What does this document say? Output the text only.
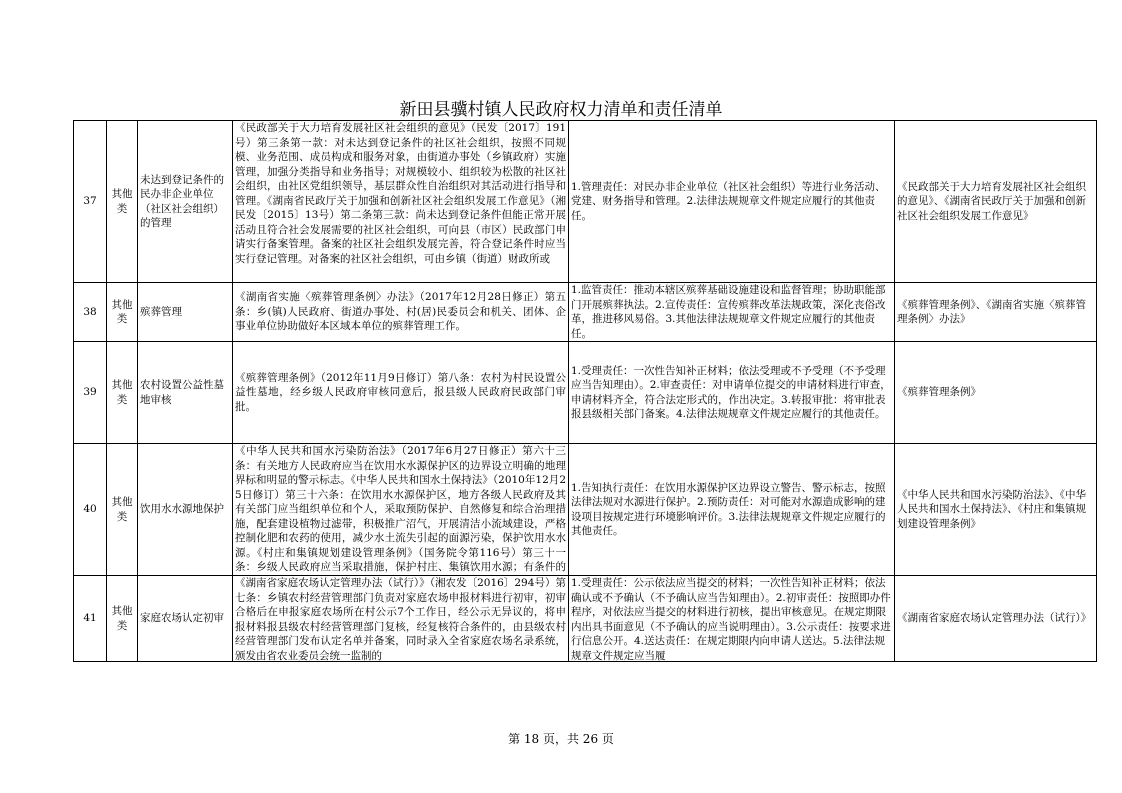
新田县骥村镇人民政府权力清单和责任清单
37	其他类	未达到登记条件的民办非企业单位（社区社会组织）的管理	《民政部关于大力培育发展社区社会组织的意见》（民发〔2017〕191号）第三条第一款：对未达到登记条件的社区社会组织，按照不同规模、业务范围、成员构成和服务对象，由街道办事处（乡镇政府）实施管理，加强分类指导和业务指导；对规模较小、组织较为松散的社区社会组织，由社区党组织领导，基层群众性自治组织对其活动进行指导和管理。《湖南省民政厅关于加强和创新社区社会组织发展工作意见》（湘民发〔2015〕13号）第二条第三款：尚未达到登记条件但能正常开展活动且符合社会发展需要的社区社会组织，可向县（市区）民政部门申请实行备案管理。备案的社区社会组织发展完善，符合登记条件时应当实行登记管理。对备案的社区社会组织，可由乡镇（街道）财政所或	1.管理责任：对民办非企业单位（社区社会组织）等进行业务活动、党建、财务指导和管理。2.法律法规规章文件规定应履行的其他责任。	《民政部关于大力培育发展社区社会组织的意见》、《湖南省民政厅关于加强和创新社区社会组织发展工作意见》
38	其他类	殡葬管理	《湖南省实施〈殡葬管理条例〉办法》（2017年12月28日修正）第五条：乡(镇)人民政府、街道办事处、村(居)民委员会和机关、团体、企事业单位协助做好本区域本单位的殡葬管理工作。	1.监管责任：推动本辖区殡葬基础设施建设和监督管理；协助职能部门开展殡葬执法。2.宣传责任：宣传殡葬改革法规政策，深化丧俗改革，推进移风易俗。3.其他法律法规规章文件规定应履行的其他责任。	《殡葬管理条例》、《湖南省实施〈殡葬管理条例〉办法》
39	其他类	农村设置公益性墓地审核	《殡葬管理条例》（2012年11月9日修订）第八条：农村为村民设置公益性墓地，经乡级人民政府审核同意后，报县级人民政府民政部门审批。	1.受理责任：一次性告知补正材料；依法受理或不予受理（不予受理应当告知理由）。2.审查责任：对申请单位提交的申请材料进行审查，申请材料齐全，符合法定形式的，作出决定。3.转报审批：将审批表报县级相关部门备案。4.法律法规规章文件规定应履行的其他责任。	《殡葬管理条例》
40	其他类	饮用水水源地保护	《中华人民共和国水污染防治法》（2017年6月27日修正）第六十三条：有关地方人民政府应当在饮用水水源保护区的边界设立明确的地理界标和明显的警示标志。《中华人民共和国水土保持法》（2010年12月25日修订）第三十六条：在饮用水水源保护区，地方各级人民政府及其有关部门应当组织单位和个人，采取预防保护、自然修复和综合治理措施，配套建设植物过滤带，积极推广沼气，开展清洁小流域建设，严格控制化肥和农药的使用，减少水土流失引起的面源污染，保护饮用水水源。《村庄和集镇规划建设管理条例》（国务院令第116号）第三十一条：乡级人民政府应当采取措施，保护村庄、集镇饮用水源；有条件的	1.告知执行责任：在饮用水源保护区边界设立警告、警示标志，按照法律法规对水源进行保护。2.预防责任：对可能对水源造成影响的建设项目按规定进行环境影响评价。3.法律法规规章文件规定应履行的其他责任。	《中华人民共和国水污染防治法》、《中华人民共和国水土保持法》、《村庄和集镇规划建设管理条例》
41	其他类	家庭农场认定初审	《湖南省家庭农场认定管理办法（试行）》（湘农发〔2016〕294号）第七条：乡镇农村经营管理部门负责对家庭农场申报材料进行初审，初审合格后在申报家庭农场所在村公示7个工作日，经公示无异议的，将申报材料报县级农村经营管理部门复核，经复核符合条件的，由县级农村经营管理部门发布认定名单并备案，同时录入全省家庭农场名录系统，颁发由省农业委员会统一监制的	1.受理责任：公示依法应当提交的材料；一次性告知补正材料；依法确认或不予确认（不予确认应当告知理由）。2.初审责任：按照即办件程序，对依法应当提交的材料进行初核，提出审核意见。在规定期限内出具书面意见（不予确认的应当说明理由）。3.公示责任：按要求进行信息公开。4.送达责任：在规定期限内向申请人送达。5.法律法规规章文件规定应当履	《湖南省家庭农场认定管理办法（试行）》
第 18 页，共 26 页
